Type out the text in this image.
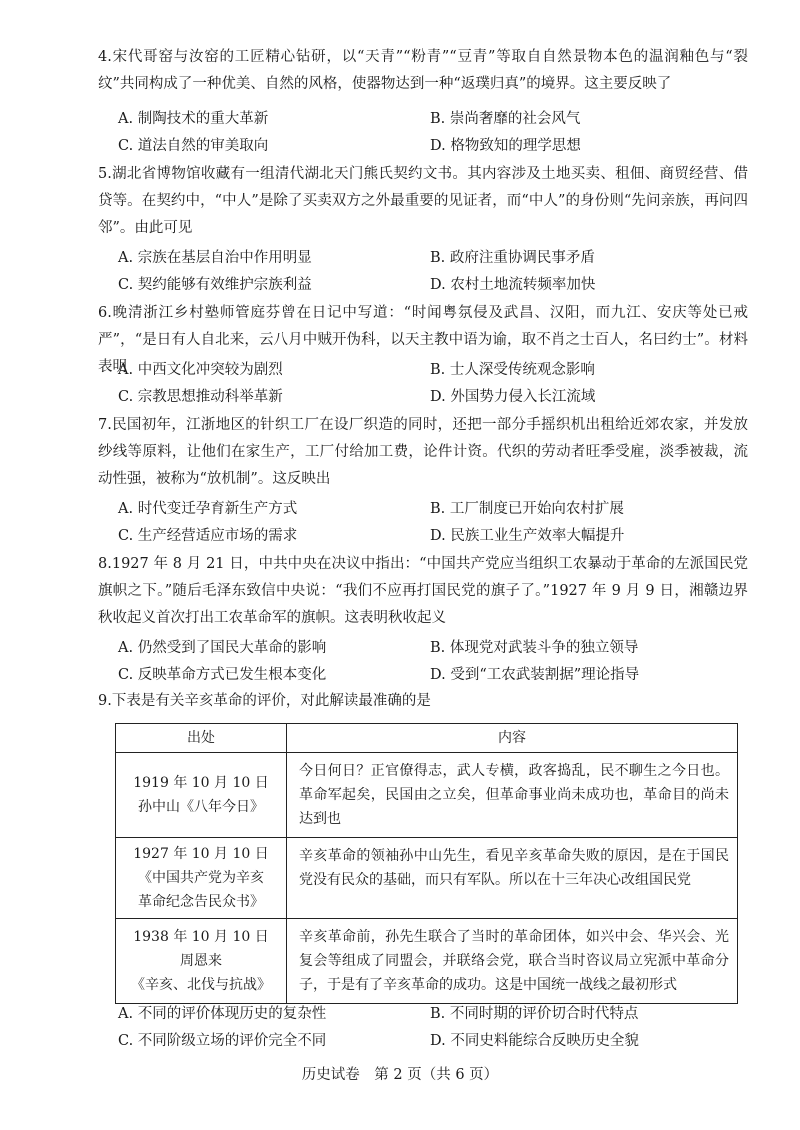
4.宋代哥窑与汝窑的工匠精心钻研，以“天青”“粉青”“豆青”等取自自然景物本色的温润釉色与“裂纹”共同构成了一种优美、自然的风格，使器物达到一种“返璞归真”的境界。这主要反映了
A. 制陶技术的重大革新	B. 崇尚奢靡的社会风气
C. 道法自然的审美取向	D. 格物致知的理学思想
5.湖北省博物馆收藏有一组清代湖北天门熊氏契约文书。其内容涉及土地买卖、租佃、商贸经营、借贷等。在契约中，“中人”是除了买卖双方之外最重要的见证者，而“中人”的身份则“先问亲族，再问四邻”。由此可见
A. 宗族在基层自治中作用明显	B. 政府注重协调民事矛盾
C. 契约能够有效维护宗族利益	D. 农村土地流转频率加快
6.晚清浙江乡村塾师管庭芬曾在日记中写道：“时闻粤氛侵及武昌、汉阳，而九江、安庆等处已戒严”，“是日有人自北来，云八月中贼开伪科，以天主教中语为谕，取不肖之士百人，名曰约士”。材料表明
A. 中西文化冲突较为剧烈	B. 士人深受传统观念影响
C. 宗教思想推动科举革新	D. 外国势力侵入长江流域
7.民国初年，江浙地区的针织工厂在设厂织造的同时，还把一部分手摇织机出租给近郊农家，并发放纱线等原料，让他们在家生产，工厂付给加工费，论件计资。代织的劳动者旺季受雇，淡季被裁，流动性强，被称为“放机制”。这反映出
A. 时代变迁孕育新生产方式	B. 工厂制度已开始向农村扩展
C. 生产经营适应市场的需求	D. 民族工业生产效率大幅提升
8.1927 年 8 月 21 日，中共中央在决议中指出：“中国共产党应当组织工农暴动于革命的左派国民党旗帜之下。”随后毛泽东致信中央说：“我们不应再打国民党的旗子了。”1927 年 9 月 9 日，湘赣边界秋收起义首次打出工农革命军的旗帜。这表明秋收起义
A. 仍然受到了国民大革命的影响	B. 体现党对武装斗争的独立领导
C. 反映革命方式已发生根本变化	D. 受到“工农武装割据”理论指导
9.下表是有关辛亥革命的评价，对此解读最准确的是
出处	内容

1919 年 10 月 10 日
孙中山《八年今日》	今日何日？正官僚得志，武人专横，政客捣乱，民不聊生之今日也。革命军起矣，民国由之立矣，但革命事业尚未成功也，革命目的尚未达到也

1927 年 10 月 10 日
《中国共产党为辛亥
革命纪念告民众书》	辛亥革命的领袖孙中山先生，看见辛亥革命失败的原因，是在于国民党没有民众的基础，而只有军队。所以在十三年决心改组国民党

1938 年 10 月 10 日
周恩来
《辛亥、北伐与抗战》	辛亥革命前，孙先生联合了当时的革命团体，如兴中会、华兴会、光复会等组成了同盟会，并联络会党，联合当时咨议局立宪派中革命分子，于是有了辛亥革命的成功。这是中国统一战线之最初形式
A. 不同的评价体现历史的复杂性	B. 不同时期的评价切合时代特点
C. 不同阶级立场的评价完全不同	D. 不同史料能综合反映历史全貌
历史试卷　第 2 页（共 6 页）
